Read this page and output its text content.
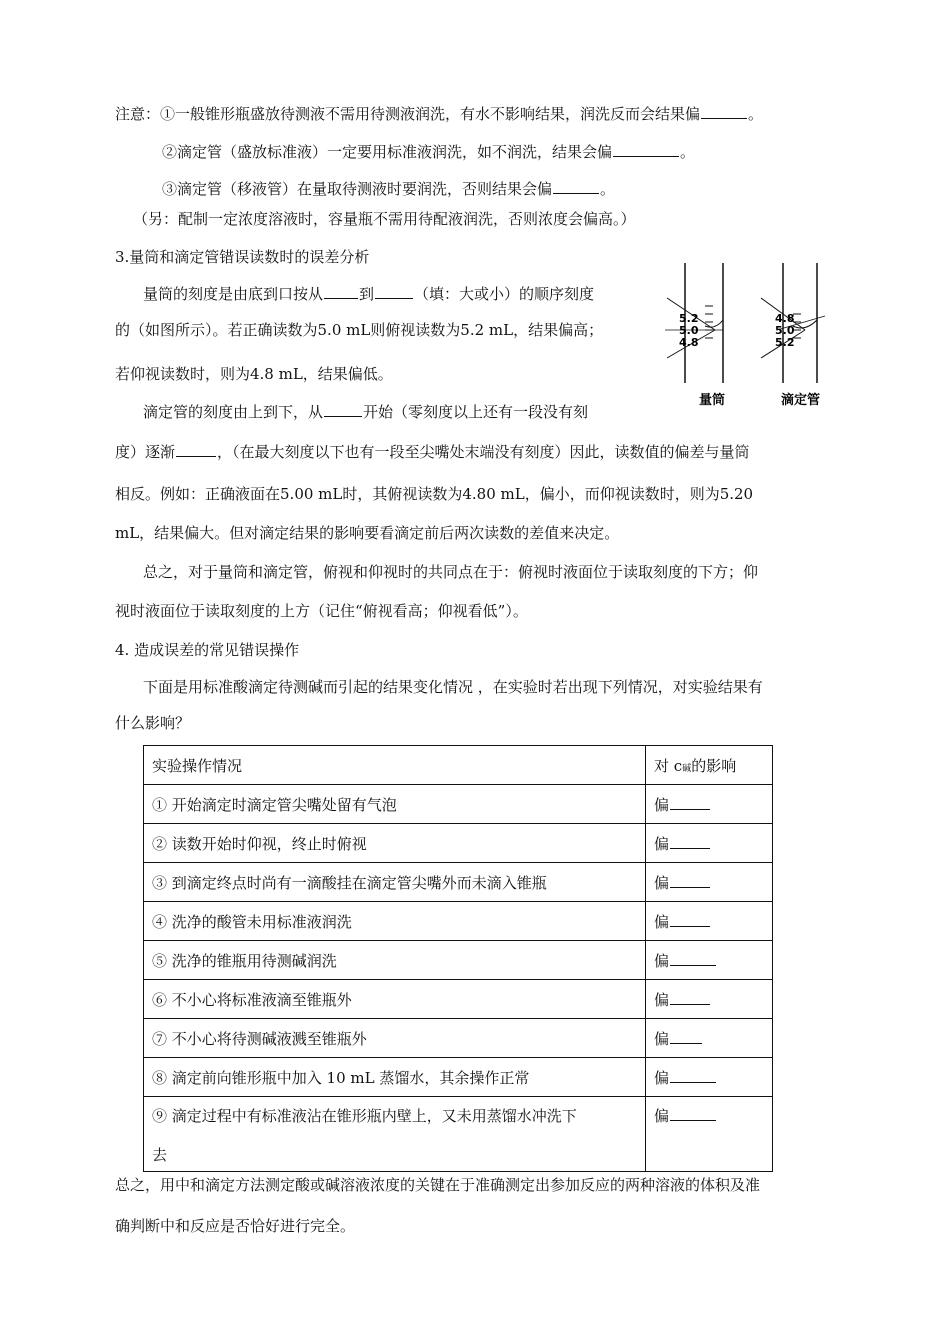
注意：①一般锥形瓶盛放待测液不需用待测液润洗，有水不影响结果，润洗反而会结果偏	。
②滴定管（盛放标准液）一定要用标准液润洗，如不润洗，结果会偏	。
③滴定管（移液管）在量取待测液时要润洗，否则结果会偏	。
（另：配制一定浓度溶液时，容量瓶不需用待配液润洗，否则浓度会偏高。）
3.量筒和滴定管错误读数时的误差分析
量筒的刻度是由底到口按从 到	（填：大或小）的顺序刻度
的（如图所示）。若正确读数为5.0 mL则俯视读数为5.2 mL，结果偏高；
若仰视读数时，则为4.8 mL，结果偏低。
滴定管的刻度由上到下，从	开始（零刻度以上还有一段没有刻
度）逐渐	，（在最大刻度以下也有一段至尖嘴处末端没有刻度）因此，读数值的偏差与量筒
相反。例如：正确液面在5.00 mL时，其俯视读数为4.80 mL，偏小，而仰视读数时，则为5.20
mL，结果偏大。但对滴定结果的影响要看滴定前后两次读数的差值来决定。
总之，对于量筒和滴定管，俯视和仰视时的共同点在于：俯视时液面位于读取刻度的下方；仰
视时液面位于读取刻度的上方（记住“俯视看高；仰视看低”）。
5.2
5.0
4.8
量筒
4.8
5.0
5.2
滴定管
4. 造成误差的常见错误操作
下面是用标准酸滴定待测碱而引起的结果变化情况 ，在实验时若出现下列情况，对实验结果有
什么影响？
实验操作情况	对 c碱的影响
① 开始滴定时滴定管尖嘴处留有气泡	偏
② 读数开始时仰视，终止时俯视	偏
③ 到滴定终点时尚有一滴酸挂在滴定管尖嘴外而未滴入锥瓶	偏
④ 洗净的酸管未用标准液润洗	偏
⑤ 洗净的锥瓶用待测碱润洗	偏
⑥ 不小心将标准液滴至锥瓶外	偏
⑦ 不小心将待测碱液溅至锥瓶外	偏
⑧ 滴定前向锥形瓶中加入 10 mL 蒸馏水，其余操作正常	偏

⑨ 滴定过程中有标准液沾在锥形瓶内壁上，又未用蒸馏水冲洗下
去	偏
总之，用中和滴定方法测定酸或碱溶液浓度的关键在于准确测定出参加反应的两种溶液的体积及准
确判断中和反应是否恰好进行完全。
